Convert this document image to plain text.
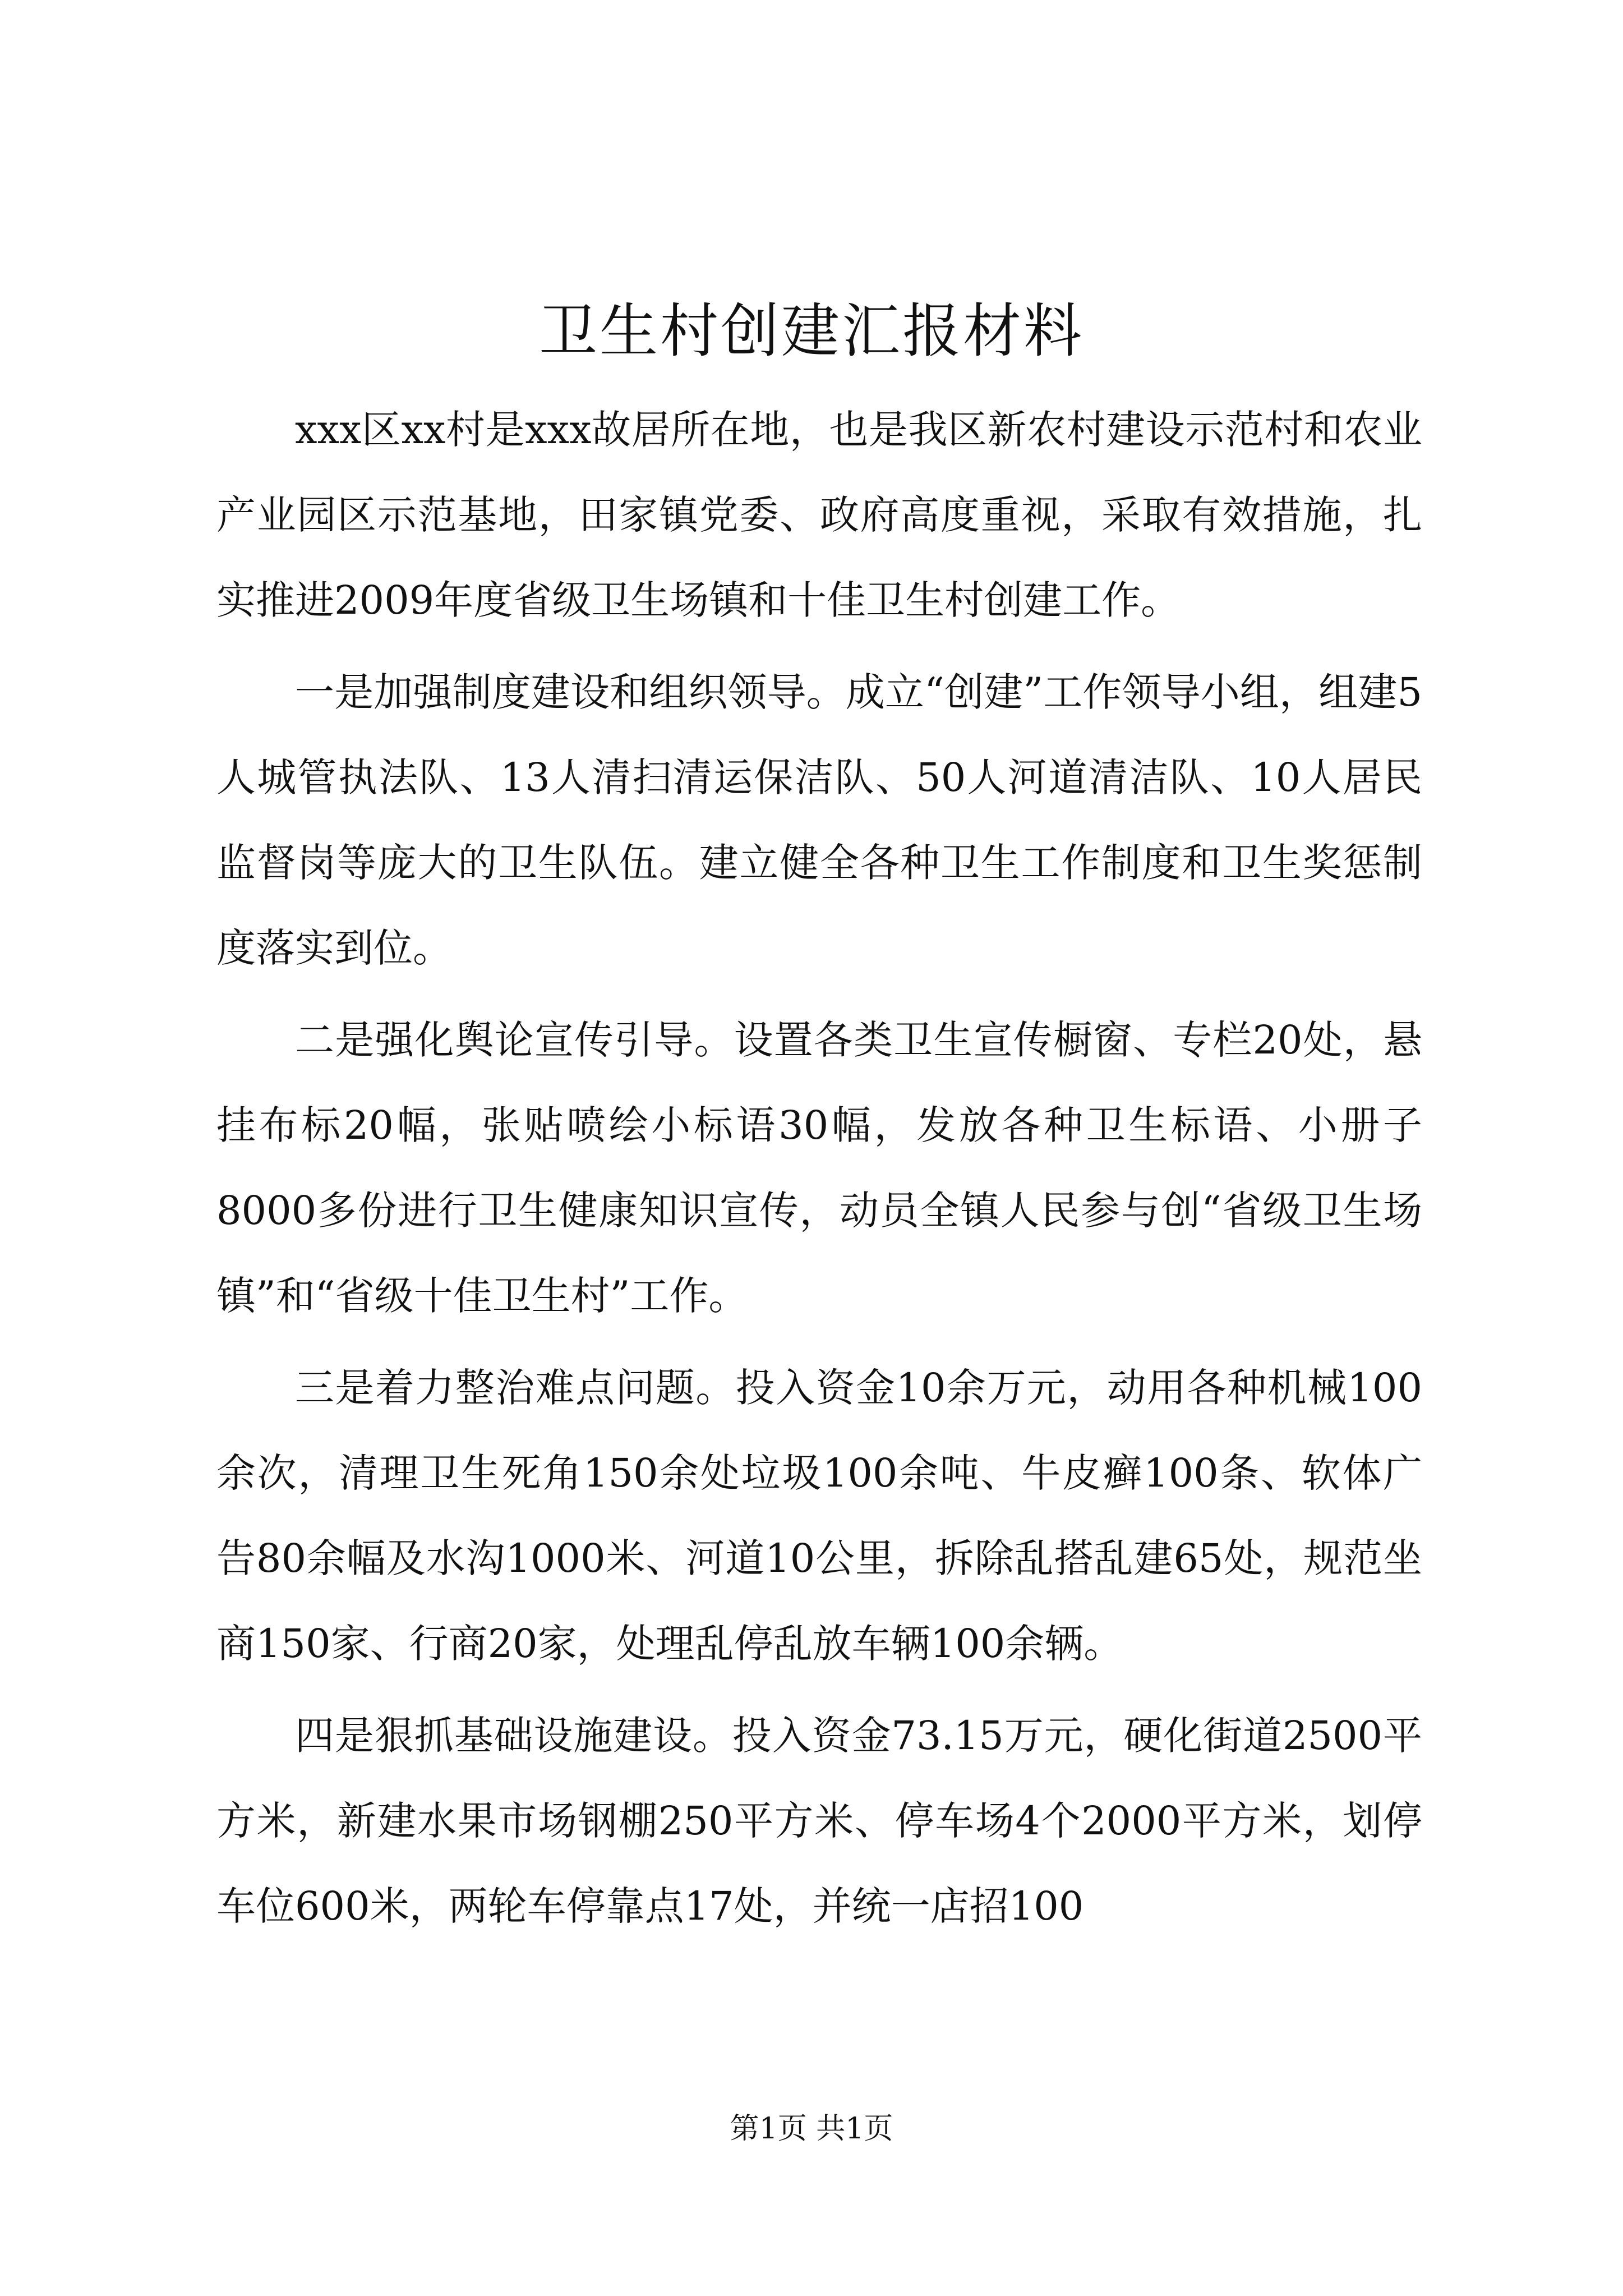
卫生村创建汇报材料

xxx区xx村是xxx故居所在地，也是我区新农村建设示范村和农业产业园区示范基地，田家镇党委、政府高度重视，采取有效措施，扎实推进2009年度省级卫生场镇和十佳卫生村创建工作。

一是加强制度建设和组织领导。成立“创建”工作领导小组，组建5人城管执法队、13人清扫清运保洁队、50人河道清洁队、10人居民监督岗等庞大的卫生队伍。建立健全各种卫生工作制度和卫生奖惩制度落实到位。

二是强化舆论宣传引导。设置各类卫生宣传橱窗、专栏20处，悬挂布标20幅，张贴喷绘小标语30幅，发放各种卫生标语、小册子8000多份进行卫生健康知识宣传，动员全镇人民参与创“省级卫生场镇”和“省级十佳卫生村”工作。

三是着力整治难点问题。投入资金10余万元，动用各种机械100余次，清理卫生死角150余处垃圾100余吨、牛皮癣100条、软体广告80余幅及水沟1000米、河道10公里，拆除乱搭乱建65处，规范坐商150家、行商20家，处理乱停乱放车辆100余辆。

四是狠抓基础设施建设。投入资金73.15万元，硬化街道2500平方米，新建水果市场钢棚250平方米、停车场4个2000平方米，划停车位600米，两轮车停靠点17处，并统一店招100

第1页 共1页
